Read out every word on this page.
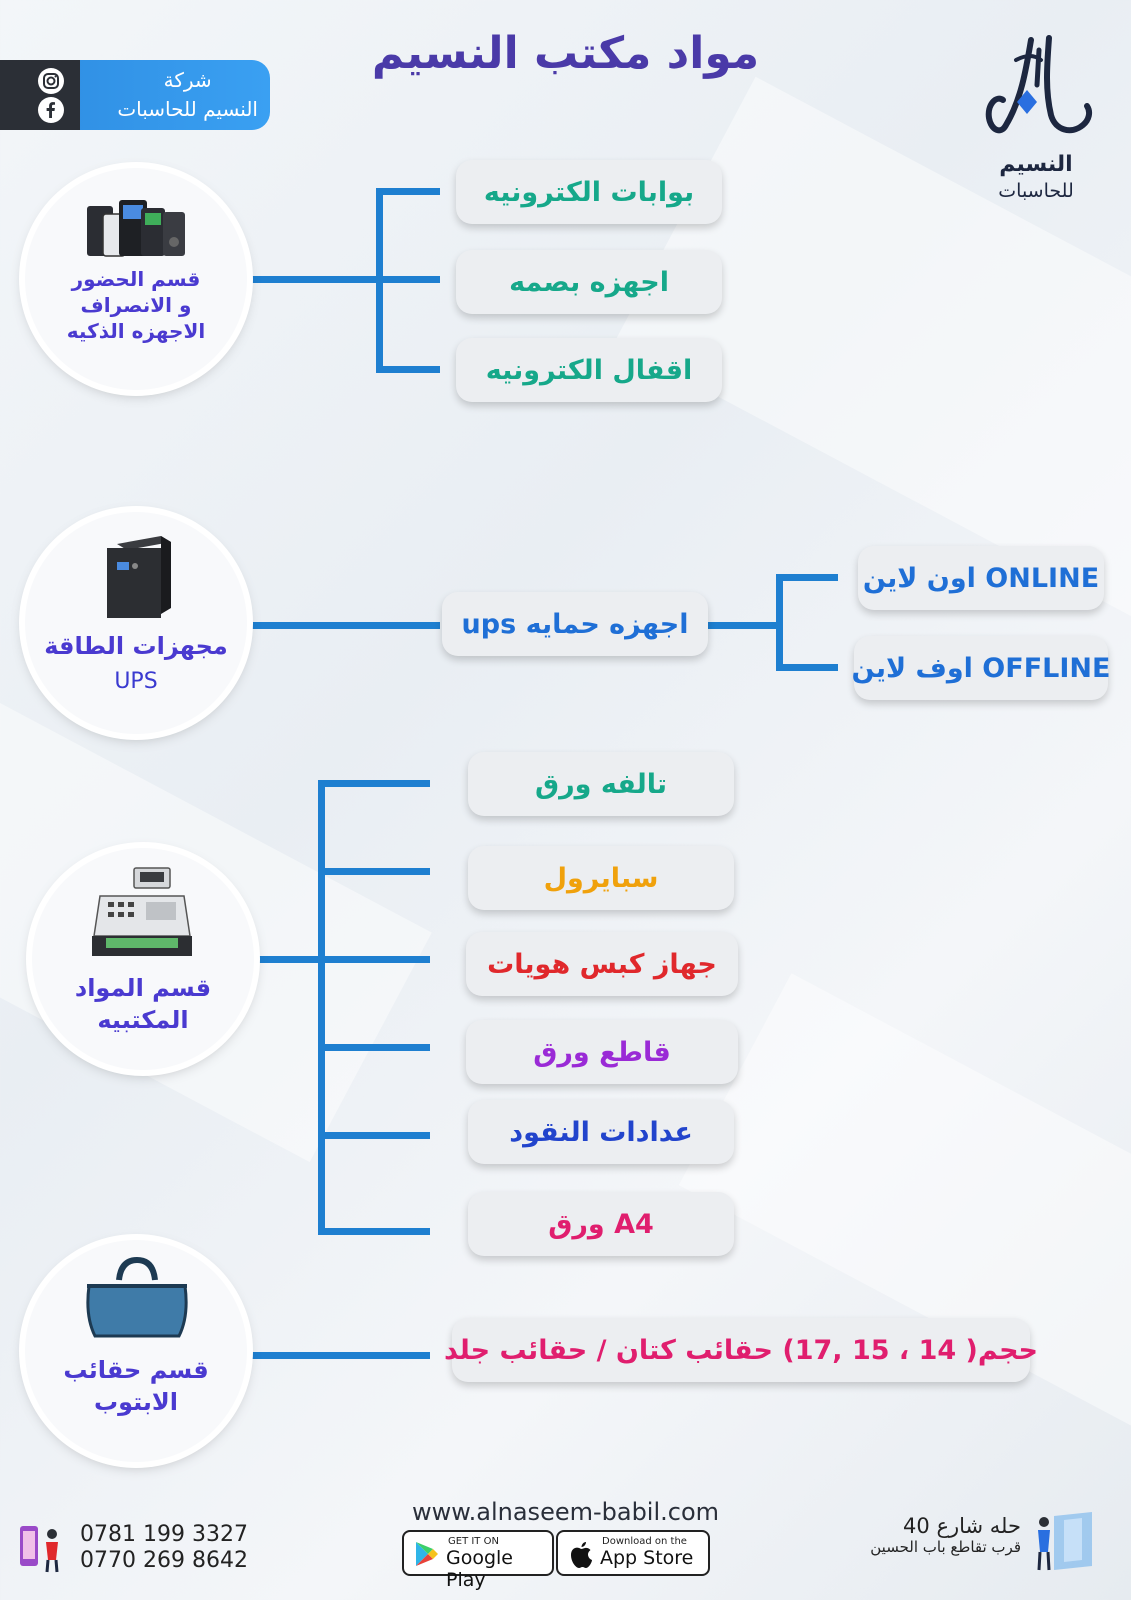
مواد مكتب النسيم
شركة
النسيم للحاسبات
النسيم
للحاسبات
قسم الحضور
و الانصراف
الاجهزه الذكيه
بوابات الكترونيه
اجهزه بصمه
اقفال الكترونيه
مجهزات الطاقة
UPS
اجهزه حمايه ups
ONLINE اون لاين
OFFLINE اوف لاين
قسم المواد
المكتبيه
تالفه ورق
سبايرول
جهاز كبس هويات
قاطع ورق
عدادات النقود
A4 ورق
قسم حقائب
الابتوب
حجم( 14 ، 15 ,17) حقائب كتان / حقائب جلد
www.alnaseem-babil.com
GET IT ON
Google Play
Download on the
App Store
0781 199 3327
0770 269 8642
حله شارع 40
قرب تقاطع باب الحسين
